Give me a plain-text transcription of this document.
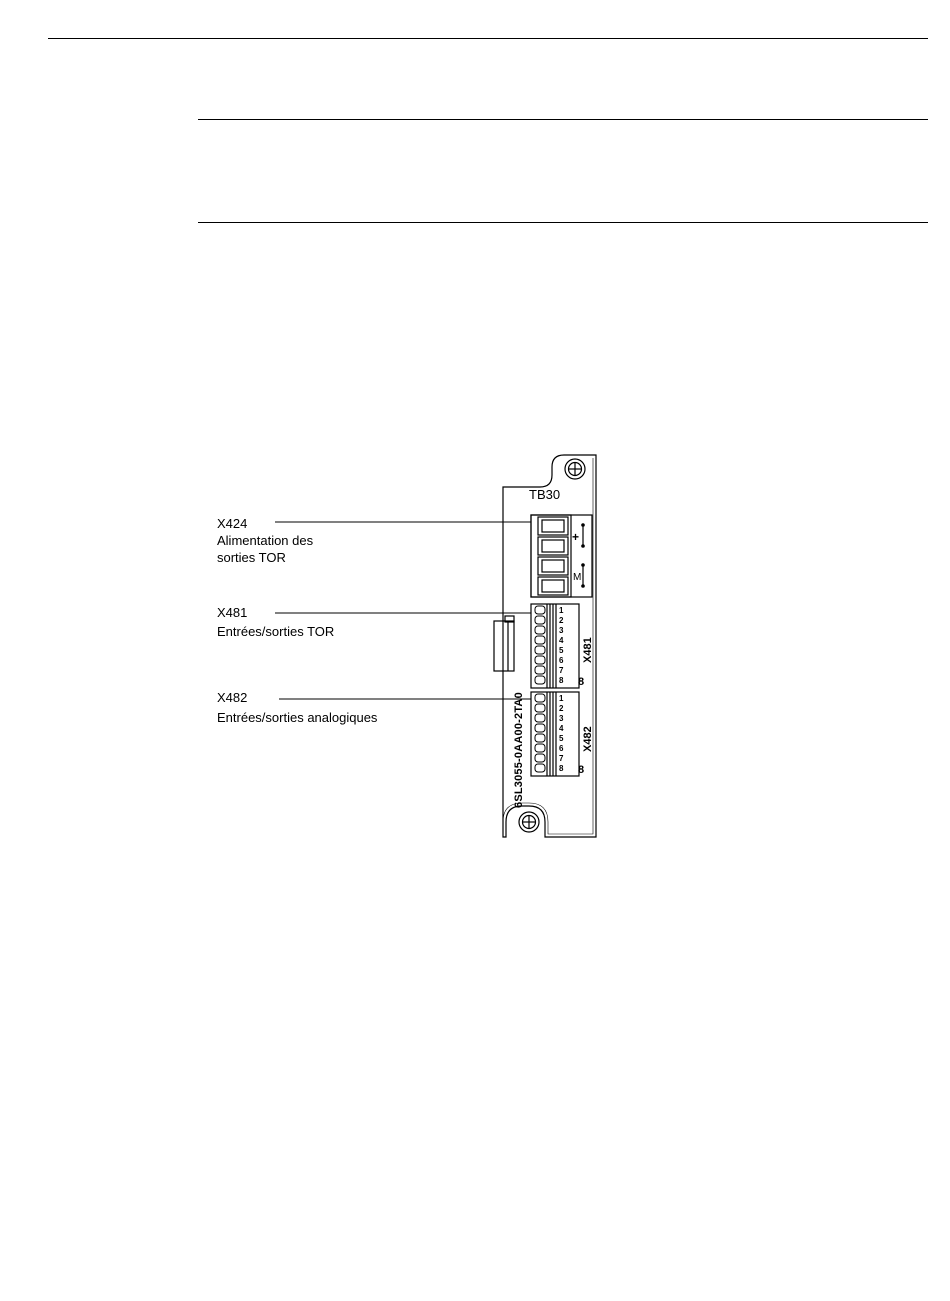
X424
Alimentation des
sorties TOR
X481
Entrées/sorties TOR
X482
Entrées/sorties analogiques
TB30
+
M
1
2
3
4
5
6
7
8 8
1
2
3
4
5
6
7
8 8
6SL3055-0AA00-2TA0
X481
X482
